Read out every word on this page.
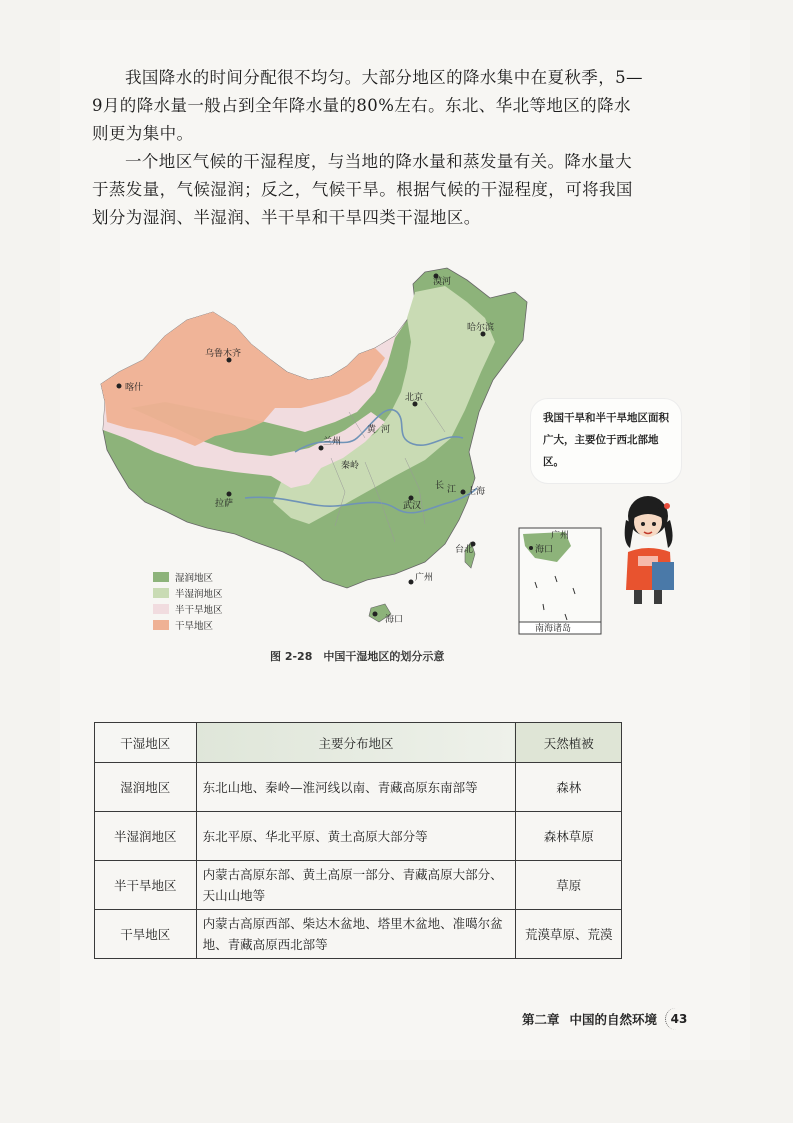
我国降水的时间分配很不均匀。大部分地区的降水集中在夏秋季，5—9月的降水量一般占到全年降水量的80%左右。东北、华北等地区的降水则更为集中。

一个地区气候的干湿程度，与当地的降水量和蒸发量有关。降水量大于蒸发量，气候湿润；反之，气候干旱。根据气候的干湿程度，可将我国划分为湿润、半湿润、半干旱和干旱四类干湿地区。

漠河
哈尔滨
乌鲁木齐
喀什
北京
兰州
秦岭
拉萨	武汉
上海
台北
广州
海口
黄 河
长 江
湿润地区
半湿润地区
半干旱地区
干旱地区
海口
广州
南海诸岛
图 2-28　中国干湿地区的划分示意
我国干旱和半干旱地区面积广大，主要位于西北部地区。
干湿地区	主要分布地区	天然植被
湿润地区	东北山地、秦岭—淮河线以南、青藏高原东南部等	森林
半湿润地区	东北平原、华北平原、黄土高原大部分等	森林草原
半干旱地区	内蒙古高原东部、黄土高原一部分、青藏高原大部分、天山山地等	草原
干旱地区	内蒙古高原西部、柴达木盆地、塔里木盆地、准噶尔盆地、青藏高原西北部等	荒漠草原、荒漠
第二章 中国的自然环境	43
